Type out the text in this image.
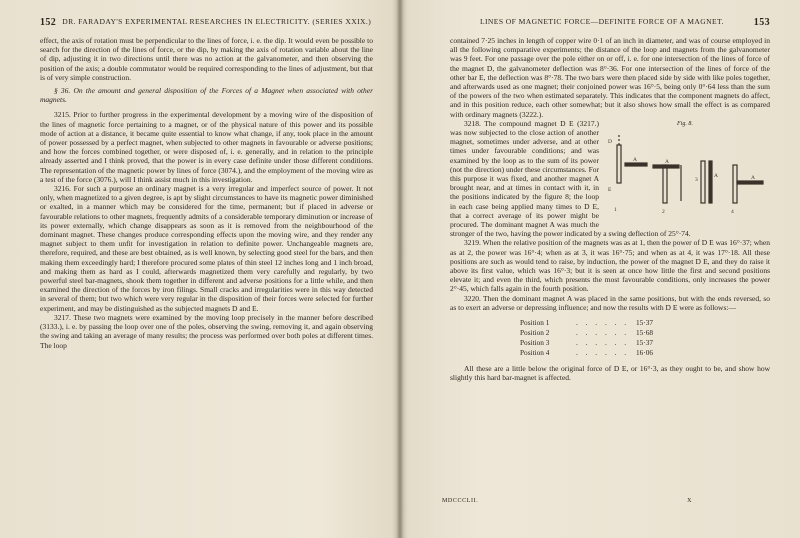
152 DR. FARADAY'S EXPERIMENTAL RESEARCHES IN ELECTRICITY. (SERIES XXIX.)

effect, the axis of rotation must be perpendicular to the lines of force, i. e. the dip. It would even be possible to search for the direction of the lines of force, or the dip, by making the axis of rotation variable about the line of dip, adjusting it in two directions until there was no action at the galvanometer, and then observing the position of the axis; a double commutator would be required corresponding to the lines of adjustment, but that is of very simple construction.

§ 36. On the amount and general disposition of the Forces of a Magnet when associated with other magnets.

3215. Prior to further progress in the experimental development by a moving wire of the disposition of the lines of magnetic force pertaining to a magnet, or of the physical nature of this power and its possible mode of action at a distance, it became quite essential to know what change, if any, took place in the amount of power possessed by a perfect magnet, when subjected to other magnets in favourable or adverse positions; and how the forces combined together, or were disposed of, i. e. generally, and in relation to the principle already asserted and I think proved, that the power is in every case definite under those different conditions. The representation of the magnetic power by lines of force (3074.), and the employment of the moving wire as a test of the force (3076.), will I think assist much in this investigation.

3216. For such a purpose an ordinary magnet is a very irregular and imperfect source of power. It not only, when magnetized to a given degree, is apt by slight circumstances to have its magnetic power diminished or exalted, in a manner which may be considered for the time, permanent; but if placed in adverse or favourable relations to other magnets, frequently admits of a considerable temporary diminution or increase of its power externally, which change disappears as soon as it is removed from the neighbourhood of the dominant magnet. These changes produce corresponding effects upon the moving wire, and they render any magnet subject to them unfit for investigation in relation to definite power. Unchangeable magnets are, therefore, required, and these are best obtained, as is well known, by selecting good steel for the bars, and then making them exceedingly hard; I therefore procured some plates of thin steel 12 inches long and 1 inch broad, and making them as hard as I could, afterwards magnetized them very carefully and regularly, by two powerful steel bar-magnets, shook them together in different and adverse positions for a little while, and then examined the direction of the forces by iron filings. Small cracks and irregularities were in this way detected in several of them; but two which were very regular in the disposition of their forces were selected for further experiment, and may be distinguished as the subjected magnets D and E.

3217. These two magnets were examined by the moving loop precisely in the manner before described (3133.), i. e. by passing the loop over one of the poles, observing the swing, removing it, and again observing the swing and taking an average of many results; the process was performed over both poles at different times. The loop

LINES OF MAGNETIC FORCE—DEFINITE FORCE OF A MAGNET.	153

contained 7·25 inches in length of copper wire 0·1 of an inch in diameter, and was of course employed in all the following comparative experiments; the distance of the loop and magnets from the galvanometer was 9 feet. For one passage over the pole either on or off, i. e. for one intersection of the lines of force of the magnet D, the galvanometer deflection was 8°·36. For one intersection of the lines of force of the other bar E, the deflection was 8°·78. The two bars were then placed side by side with like poles together, and afterwards used as one magnet; their conjoined power was 16°·5, being only 0°·64 less than the sum of the powers of the two when estimated separately. This indicates that the component magnets do affect, and in this position reduce, each other somewhat; but it also shows how small the effect is as compared with ordinary magnets (3222.).

Fig. 8.
D
E
A
1	2
A
3
A
4
A

3218. The compound magnet D E (3217.) was now subjected to the close action of another magnet, sometimes under adverse, and at other times under favourable conditions; and was examined by the loop as to the sum of its power (not the direction) under these circumstances. For this purpose it was fixed, and another magnet A brought near, and at times in contact with it, in the positions indicated by the figure 8; the loop in each case being applied many times to D E, that a correct average of its power might be procured. The dominant magnet A was much the stronger of the two, having the power indicated by a swing deflection of 25°·74.

3219. When the relative position of the magnets was as at 1, then the power of D E was 16°·37; when as at 2, the power was 16°·4; when as at 3, it was 16°·75; and when as at 4, it was 17°·18. All these positions are such as would tend to raise, by induction, the power of the magnet D E, and they do raise it above its first value, which was 16°·3; but it is seen at once how little the first and second positions elevate it; and even the third, which presents the most favourable conditions, only increases the power 2°·45, which falls again in the fourth position.

3220. Then the dominant magnet A was placed in the same positions, but with the ends reversed, so as to exert an adverse or depressing influence; and now the results with D E were as follows:—

Position 1	. . . . . . 15·37
Position 2	. . . . . . 15·68
Position 3	. . . . . . 15·37
Position 4	. . . . . . 16·06

All these are a little below the original force of D E, or 16°·3, as they ought to be, and show how slightly this hard bar-magnet is affected.

MDCCCLII.	X
